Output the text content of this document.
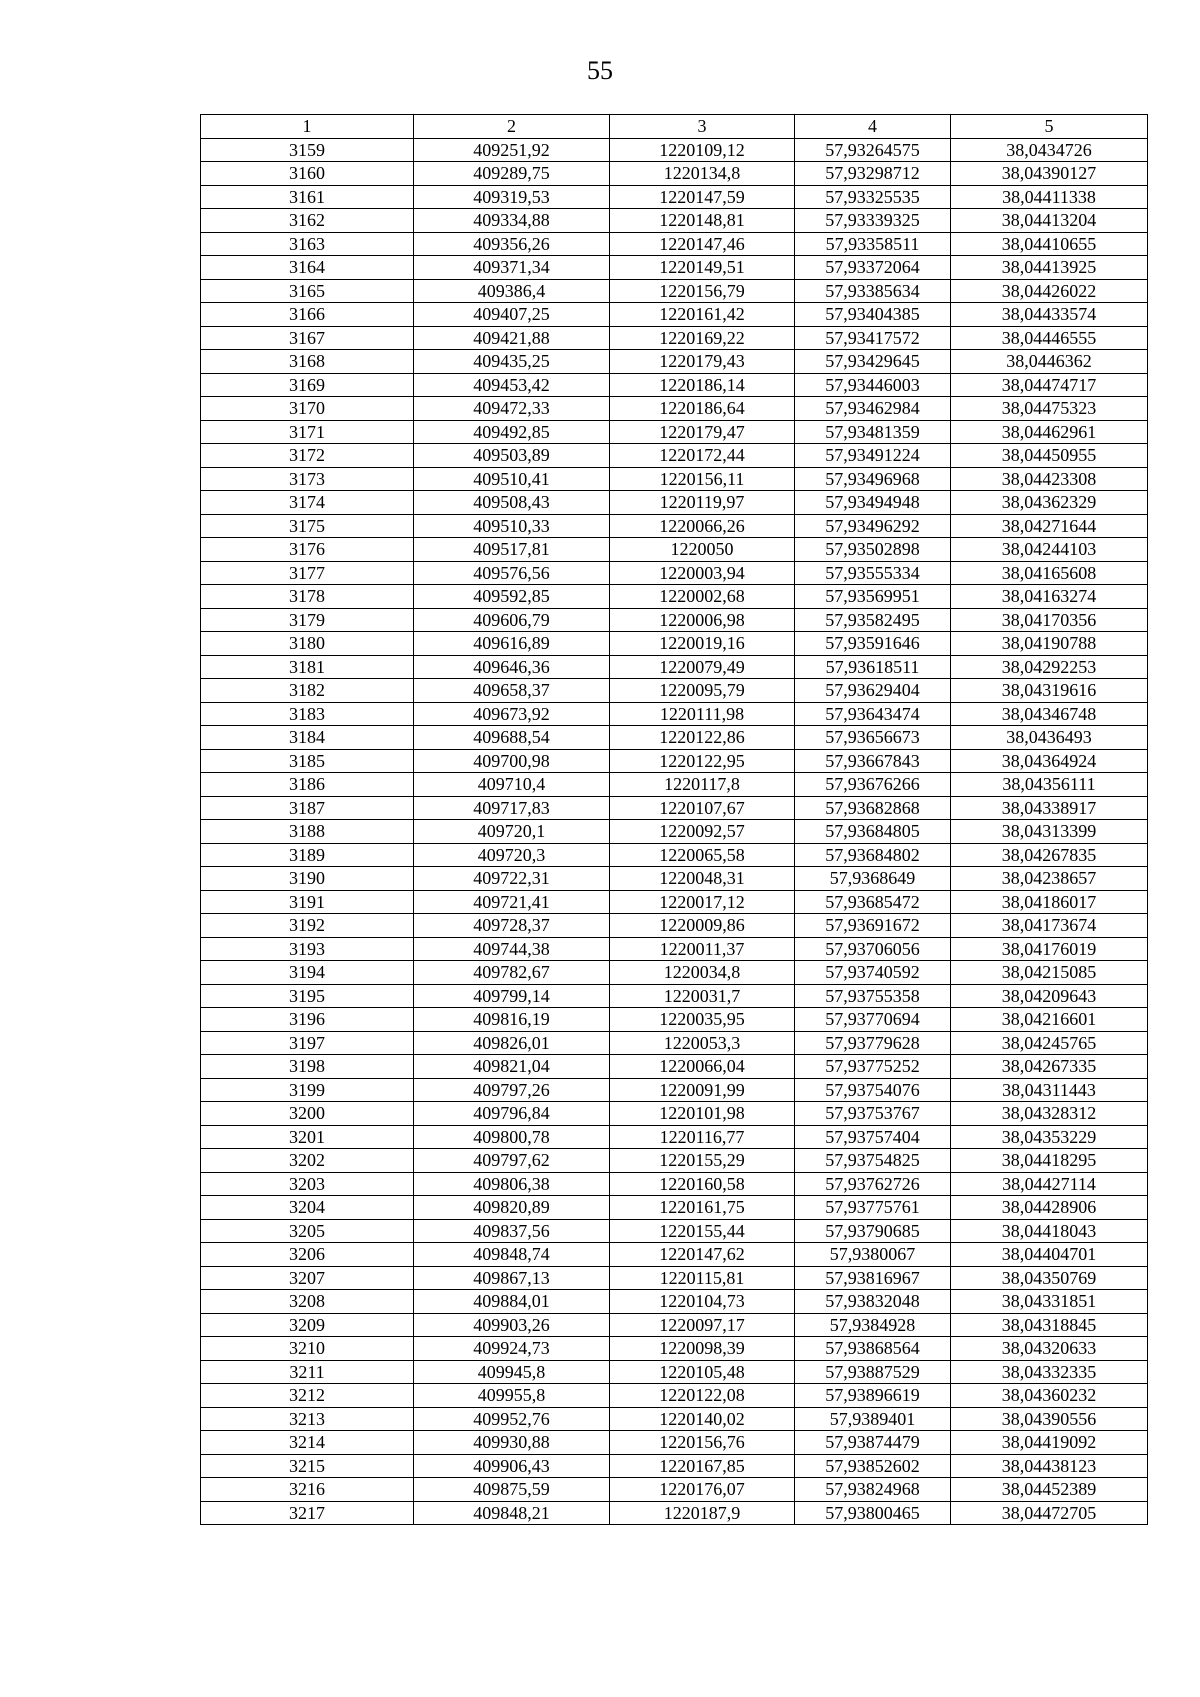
55
1	2	3	4	5
3159	409251,92	1220109,12	57,93264575	38,0434726
3160	409289,75	1220134,8	57,93298712	38,04390127
3161	409319,53	1220147,59	57,93325535	38,04411338
3162	409334,88	1220148,81	57,93339325	38,04413204
3163	409356,26	1220147,46	57,93358511	38,04410655
3164	409371,34	1220149,51	57,93372064	38,04413925
3165	409386,4	1220156,79	57,93385634	38,04426022
3166	409407,25	1220161,42	57,93404385	38,04433574
3167	409421,88	1220169,22	57,93417572	38,04446555
3168	409435,25	1220179,43	57,93429645	38,0446362
3169	409453,42	1220186,14	57,93446003	38,04474717
3170	409472,33	1220186,64	57,93462984	38,04475323
3171	409492,85	1220179,47	57,93481359	38,04462961
3172	409503,89	1220172,44	57,93491224	38,04450955
3173	409510,41	1220156,11	57,93496968	38,04423308
3174	409508,43	1220119,97	57,93494948	38,04362329
3175	409510,33	1220066,26	57,93496292	38,04271644
3176	409517,81	1220050	57,93502898	38,04244103
3177	409576,56	1220003,94	57,93555334	38,04165608
3178	409592,85	1220002,68	57,93569951	38,04163274
3179	409606,79	1220006,98	57,93582495	38,04170356
3180	409616,89	1220019,16	57,93591646	38,04190788
3181	409646,36	1220079,49	57,93618511	38,04292253
3182	409658,37	1220095,79	57,93629404	38,04319616
3183	409673,92	1220111,98	57,93643474	38,04346748
3184	409688,54	1220122,86	57,93656673	38,0436493
3185	409700,98	1220122,95	57,93667843	38,04364924
3186	409710,4	1220117,8	57,93676266	38,04356111
3187	409717,83	1220107,67	57,93682868	38,04338917
3188	409720,1	1220092,57	57,93684805	38,04313399
3189	409720,3	1220065,58	57,93684802	38,04267835
3190	409722,31	1220048,31	57,9368649	38,04238657
3191	409721,41	1220017,12	57,93685472	38,04186017
3192	409728,37	1220009,86	57,93691672	38,04173674
3193	409744,38	1220011,37	57,93706056	38,04176019
3194	409782,67	1220034,8	57,93740592	38,04215085
3195	409799,14	1220031,7	57,93755358	38,04209643
3196	409816,19	1220035,95	57,93770694	38,04216601
3197	409826,01	1220053,3	57,93779628	38,04245765
3198	409821,04	1220066,04	57,93775252	38,04267335
3199	409797,26	1220091,99	57,93754076	38,04311443
3200	409796,84	1220101,98	57,93753767	38,04328312
3201	409800,78	1220116,77	57,93757404	38,04353229
3202	409797,62	1220155,29	57,93754825	38,04418295
3203	409806,38	1220160,58	57,93762726	38,04427114
3204	409820,89	1220161,75	57,93775761	38,04428906
3205	409837,56	1220155,44	57,93790685	38,04418043
3206	409848,74	1220147,62	57,9380067	38,04404701
3207	409867,13	1220115,81	57,93816967	38,04350769
3208	409884,01	1220104,73	57,93832048	38,04331851
3209	409903,26	1220097,17	57,9384928	38,04318845
3210	409924,73	1220098,39	57,93868564	38,04320633
3211	409945,8	1220105,48	57,93887529	38,04332335
3212	409955,8	1220122,08	57,93896619	38,04360232
3213	409952,76	1220140,02	57,9389401	38,04390556
3214	409930,88	1220156,76	57,93874479	38,04419092
3215	409906,43	1220167,85	57,93852602	38,04438123
3216	409875,59	1220176,07	57,93824968	38,04452389
3217	409848,21	1220187,9	57,93800465	38,04472705
